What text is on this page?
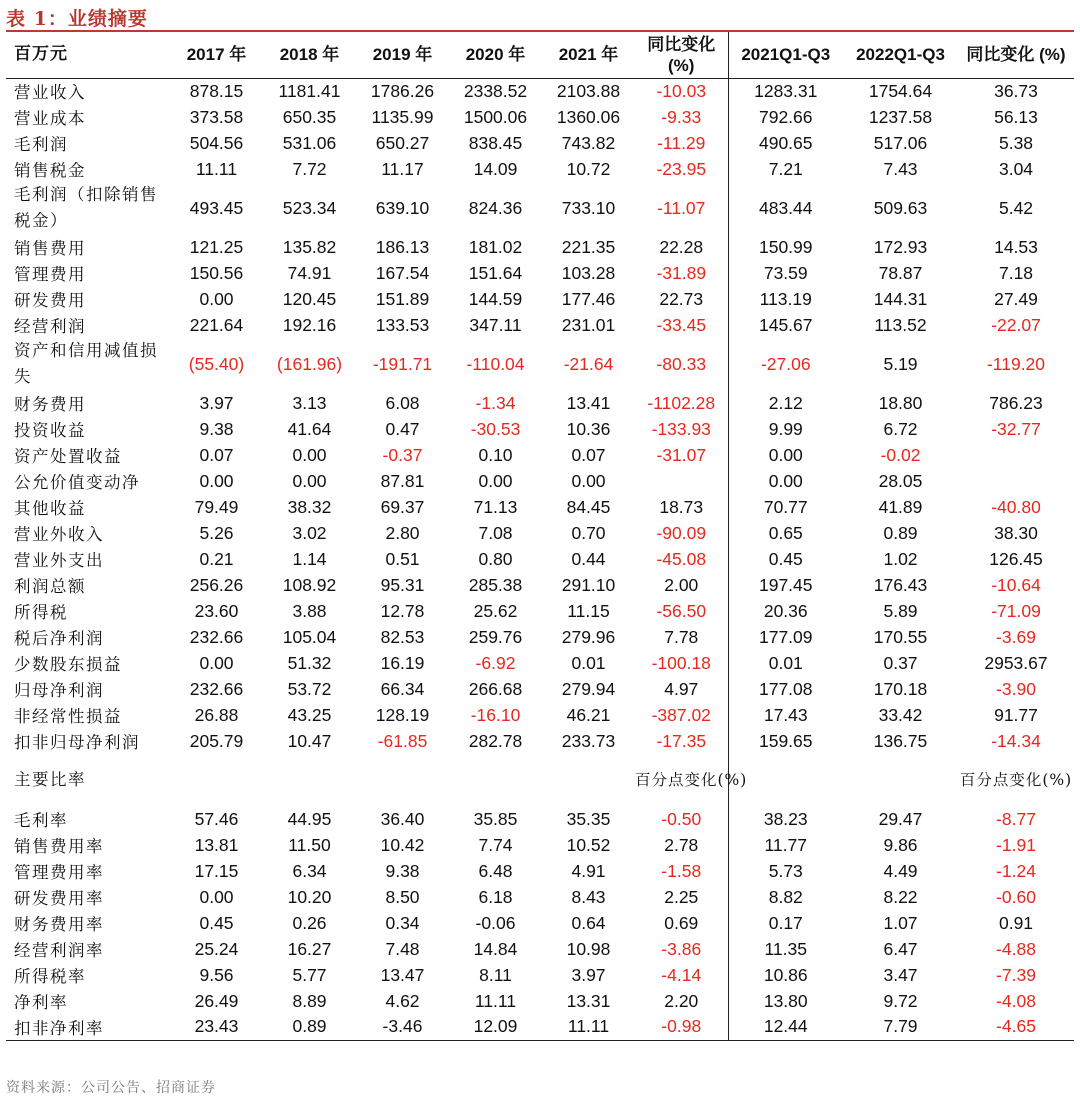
表 1：业绩摘要
百万元	2017 年	2018 年	2019 年	2020 年	2021 年	同比变化 (%)	2021Q1-Q3	2022Q1-Q3	同比变化 (%)
营业收入	878.15	1181.41	1786.26	2338.52	2103.88	-10.03	1283.31	1754.64	36.73
营业成本	373.58	650.35	1135.99	1500.06	1360.06	-9.33	792.66	1237.58	56.13
毛利润	504.56	531.06	650.27	838.45	743.82	-11.29	490.65	517.06	5.38
销售税金	11.11	7.72	11.17	14.09	10.72	-23.95	7.21	7.43	3.04
毛利润（扣除销售税金）	493.45	523.34	639.10	824.36	733.10	-11.07	483.44	509.63	5.42
销售费用	121.25	135.82	186.13	181.02	221.35	22.28	150.99	172.93	14.53
管理费用	150.56	74.91	167.54	151.64	103.28	-31.89	73.59	78.87	7.18
研发费用	0.00	120.45	151.89	144.59	177.46	22.73	113.19	144.31	27.49
经营利润	221.64	192.16	133.53	347.11	231.01	-33.45	145.67	113.52	-22.07
资产和信用减值损失	(55.40)	(161.96)	-191.71	-110.04	-21.64	-80.33	-27.06	5.19	-119.20
财务费用	3.97	3.13	6.08	-1.34	13.41	-1102.28	2.12	18.80	786.23
投资收益	9.38	41.64	0.47	-30.53	10.36	-133.93	9.99	6.72	-32.77
资产处置收益	0.07	0.00	-0.37	0.10	0.07	-31.07	0.00	-0.02	
公允价值变动净	0.00	0.00	87.81	0.00	0.00		0.00	28.05	
其他收益	79.49	38.32	69.37	71.13	84.45	18.73	70.77	41.89	-40.80
营业外收入	5.26	3.02	2.80	7.08	0.70	-90.09	0.65	0.89	38.30
营业外支出	0.21	1.14	0.51	0.80	0.44	-45.08	0.45	1.02	126.45
利润总额	256.26	108.92	95.31	285.38	291.10	2.00	197.45	176.43	-10.64
所得税	23.60	3.88	12.78	25.62	11.15	-56.50	20.36	5.89	-71.09
税后净利润	232.66	105.04	82.53	259.76	279.96	7.78	177.09	170.55	-3.69
少数股东损益	0.00	51.32	16.19	-6.92	0.01	-100.18	0.01	0.37	2953.67
归母净利润	232.66	53.72	66.34	266.68	279.94	4.97	177.08	170.18	-3.90
非经常性损益	26.88	43.25	128.19	-16.10	46.21	-387.02	17.43	33.42	91.77
扣非归母净利润	205.79	10.47	-61.85	282.78	233.73	-17.35	159.65	136.75	-14.34
主要比率						百分点变化(%)			百分点变化(%)
毛利率	57.46	44.95	36.40	35.85	35.35	-0.50	38.23	29.47	-8.77
销售费用率	13.81	11.50	10.42	7.74	10.52	2.78	11.77	9.86	-1.91
管理费用率	17.15	6.34	9.38	6.48	4.91	-1.58	5.73	4.49	-1.24
研发费用率	0.00	10.20	8.50	6.18	8.43	2.25	8.82	8.22	-0.60
财务费用率	0.45	0.26	0.34	-0.06	0.64	0.69	0.17	1.07	0.91
经营利润率	25.24	16.27	7.48	14.84	10.98	-3.86	11.35	6.47	-4.88
所得税率	9.56	5.77	13.47	8.11	3.97	-4.14	10.86	3.47	-7.39
净利率	26.49	8.89	4.62	11.11	13.31	2.20	13.80	9.72	-4.08
扣非净利率	23.43	0.89	-3.46	12.09	11.11	-0.98	12.44	7.79	-4.65
资料来源：公司公告、招商证券
